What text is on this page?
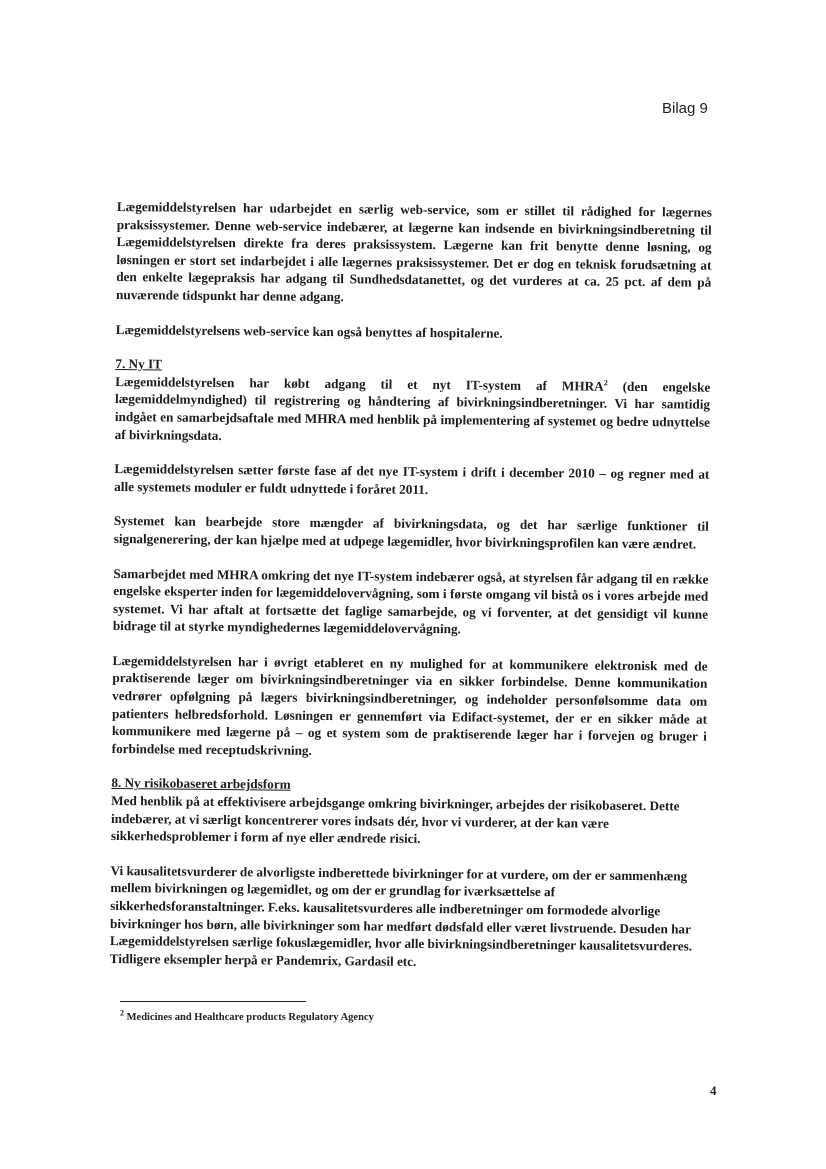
Bilag 9

Lægemiddelstyrelsen har udarbejdet en særlig web-service, som er stillet til rådighed for lægernes praksissystemer. Denne web-service indebærer, at lægerne kan indsende en bivirkningsindberetning til Lægemiddelstyrelsen direkte fra deres praksissystem. Lægerne kan frit benytte denne løsning, og løsningen er stort set indarbejdet i alle lægernes praksissystemer. Det er dog en teknisk forudsætning at den enkelte lægepraksis har adgang til Sundhedsdatanettet, og det vurderes at ca. 25 pct. af dem på nuværende tidspunkt har denne adgang.

Lægemiddelstyrelsens web-service kan også benyttes af hospitalerne.

7. Ny IT

Lægemiddelstyrelsen har købt adgang til et nyt IT-system af MHRA$^2$ (den engelske lægemiddelmyndighed) til registrering og håndtering af bivirkningsindberetninger. Vi har samtidig indgået en samarbejdsaftale med MHRA med henblik på implementering af systemet og bedre udnyttelse af bivirkningsdata.

Lægemiddelstyrelsen sætter første fase af det nye IT-system i drift i december 2010 – og regner med at alle systemets moduler er fuldt udnyttede i foråret 2011.

Systemet kan bearbejde store mængder af bivirkningsdata, og det har særlige funktioner til signalgenerering, der kan hjælpe med at udpege lægemidler, hvor bivirkningsprofilen kan være ændret.

Samarbejdet med MHRA omkring det nye IT-system indebærer også, at styrelsen får adgang til en række engelske eksperter inden for lægemiddelovervågning, som i første omgang vil bistå os i vores arbejde med systemet. Vi har aftalt at fortsætte det faglige samarbejde, og vi forventer, at det gensidigt vil kunne bidrage til at styrke myndighedernes lægemiddelovervågning.

Lægemiddelstyrelsen har i øvrigt etableret en ny mulighed for at kommunikere elektronisk med de praktiserende læger om bivirkningsindberetninger via en sikker forbindelse. Denne kommunikation vedrører opfølgning på lægers bivirkningsindberetninger, og indeholder personfølsomme data om patienters helbredsforhold. Løsningen er gennemført via Edifact-systemet, der er en sikker måde at kommunikere med lægerne på – og et system som de praktiserende læger har i forvejen og bruger i forbindelse med receptudskrivning.

8. Ny risikobaseret arbejdsform

Med henblik på at effektivisere arbejdsgange omkring bivirkninger, arbejdes der risikobaseret. Dette indebærer, at vi særligt koncentrerer vores indsats dér, hvor vi vurderer, at der kan være sikkerhedsproblemer i form af nye eller ændrede risici.

Vi kausalitetsvurderer de alvorligste indberettede bivirkninger for at vurdere, om der er sammenhæng mellem bivirkningen og lægemidlet, og om der er grundlag for iværksættelse af sikkerhedsforanstaltninger. F.eks. kausalitetsvurderes alle indberetninger om formodede alvorlige bivirkninger hos børn, alle bivirkninger som har medført dødsfald eller været livstruende. Desuden har Lægemiddelstyrelsen særlige fokuslægemidler, hvor alle bivirkningsindberetninger kausalitetsvurderes. Tidligere eksempler herpå er Pandemrix, Gardasil etc.

$^2$ Medicines and Healthcare products Regulatory Agency
4
